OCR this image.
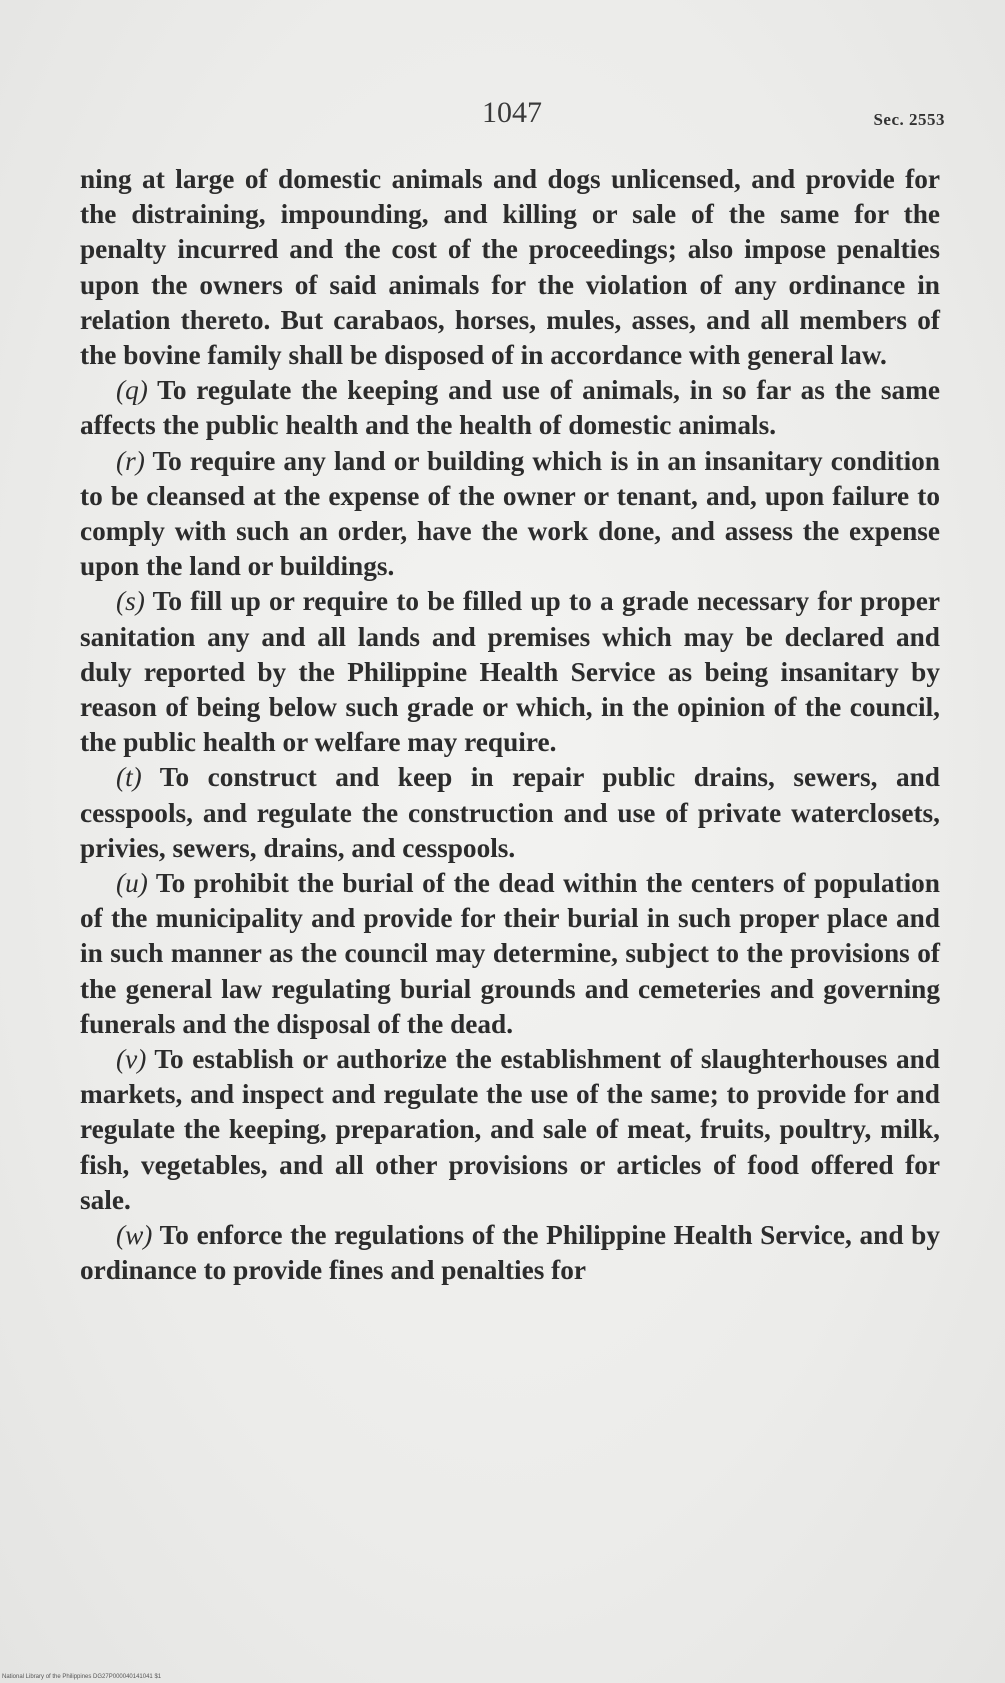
1047	Sec. 2553

ning at large of domestic animals and dogs unlicensed, and provide for the distraining, impounding, and killing or sale of the same for the penalty incurred and the cost of the proceedings; also impose penalties upon the owners of said animals for the violation of any ordinance in relation thereto. But carabaos, horses, mules, asses, and all members of the bovine family shall be disposed of in accordance with general law.

(q) To regulate the keeping and use of animals, in so far as the same affects the public health and the health of domestic animals.

(r) To require any land or building which is in an insanitary condition to be cleansed at the expense of the owner or tenant, and, upon failure to comply with such an order, have the work done, and assess the expense upon the land or buildings.

(s) To fill up or require to be filled up to a grade necessary for proper sanitation any and all lands and premises which may be declared and duly reported by the Philippine Health Service as being insanitary by reason of being below such grade or which, in the opinion of the council, the public health or welfare may require.

(t) To construct and keep in repair public drains, sewers, and cesspools, and regulate the construction and use of private waterclosets, privies, sewers, drains, and cesspools.

(u) To prohibit the burial of the dead within the centers of population of the municipality and provide for their burial in such proper place and in such manner as the council may determine, subject to the provisions of the general law regulating burial grounds and cemeteries and governing funerals and the disposal of the dead.

(v) To establish or authorize the establishment of slaughterhouses and markets, and inspect and regulate the use of the same; to provide for and regulate the keeping, preparation, and sale of meat, fruits, poultry, milk, fish, vegetables, and all other provisions or articles of food offered for sale.

(w) To enforce the regulations of the Philippine Health Service, and by ordinance to provide fines and penalties for

National Library of the Philippines DG27P000040141041 $1
